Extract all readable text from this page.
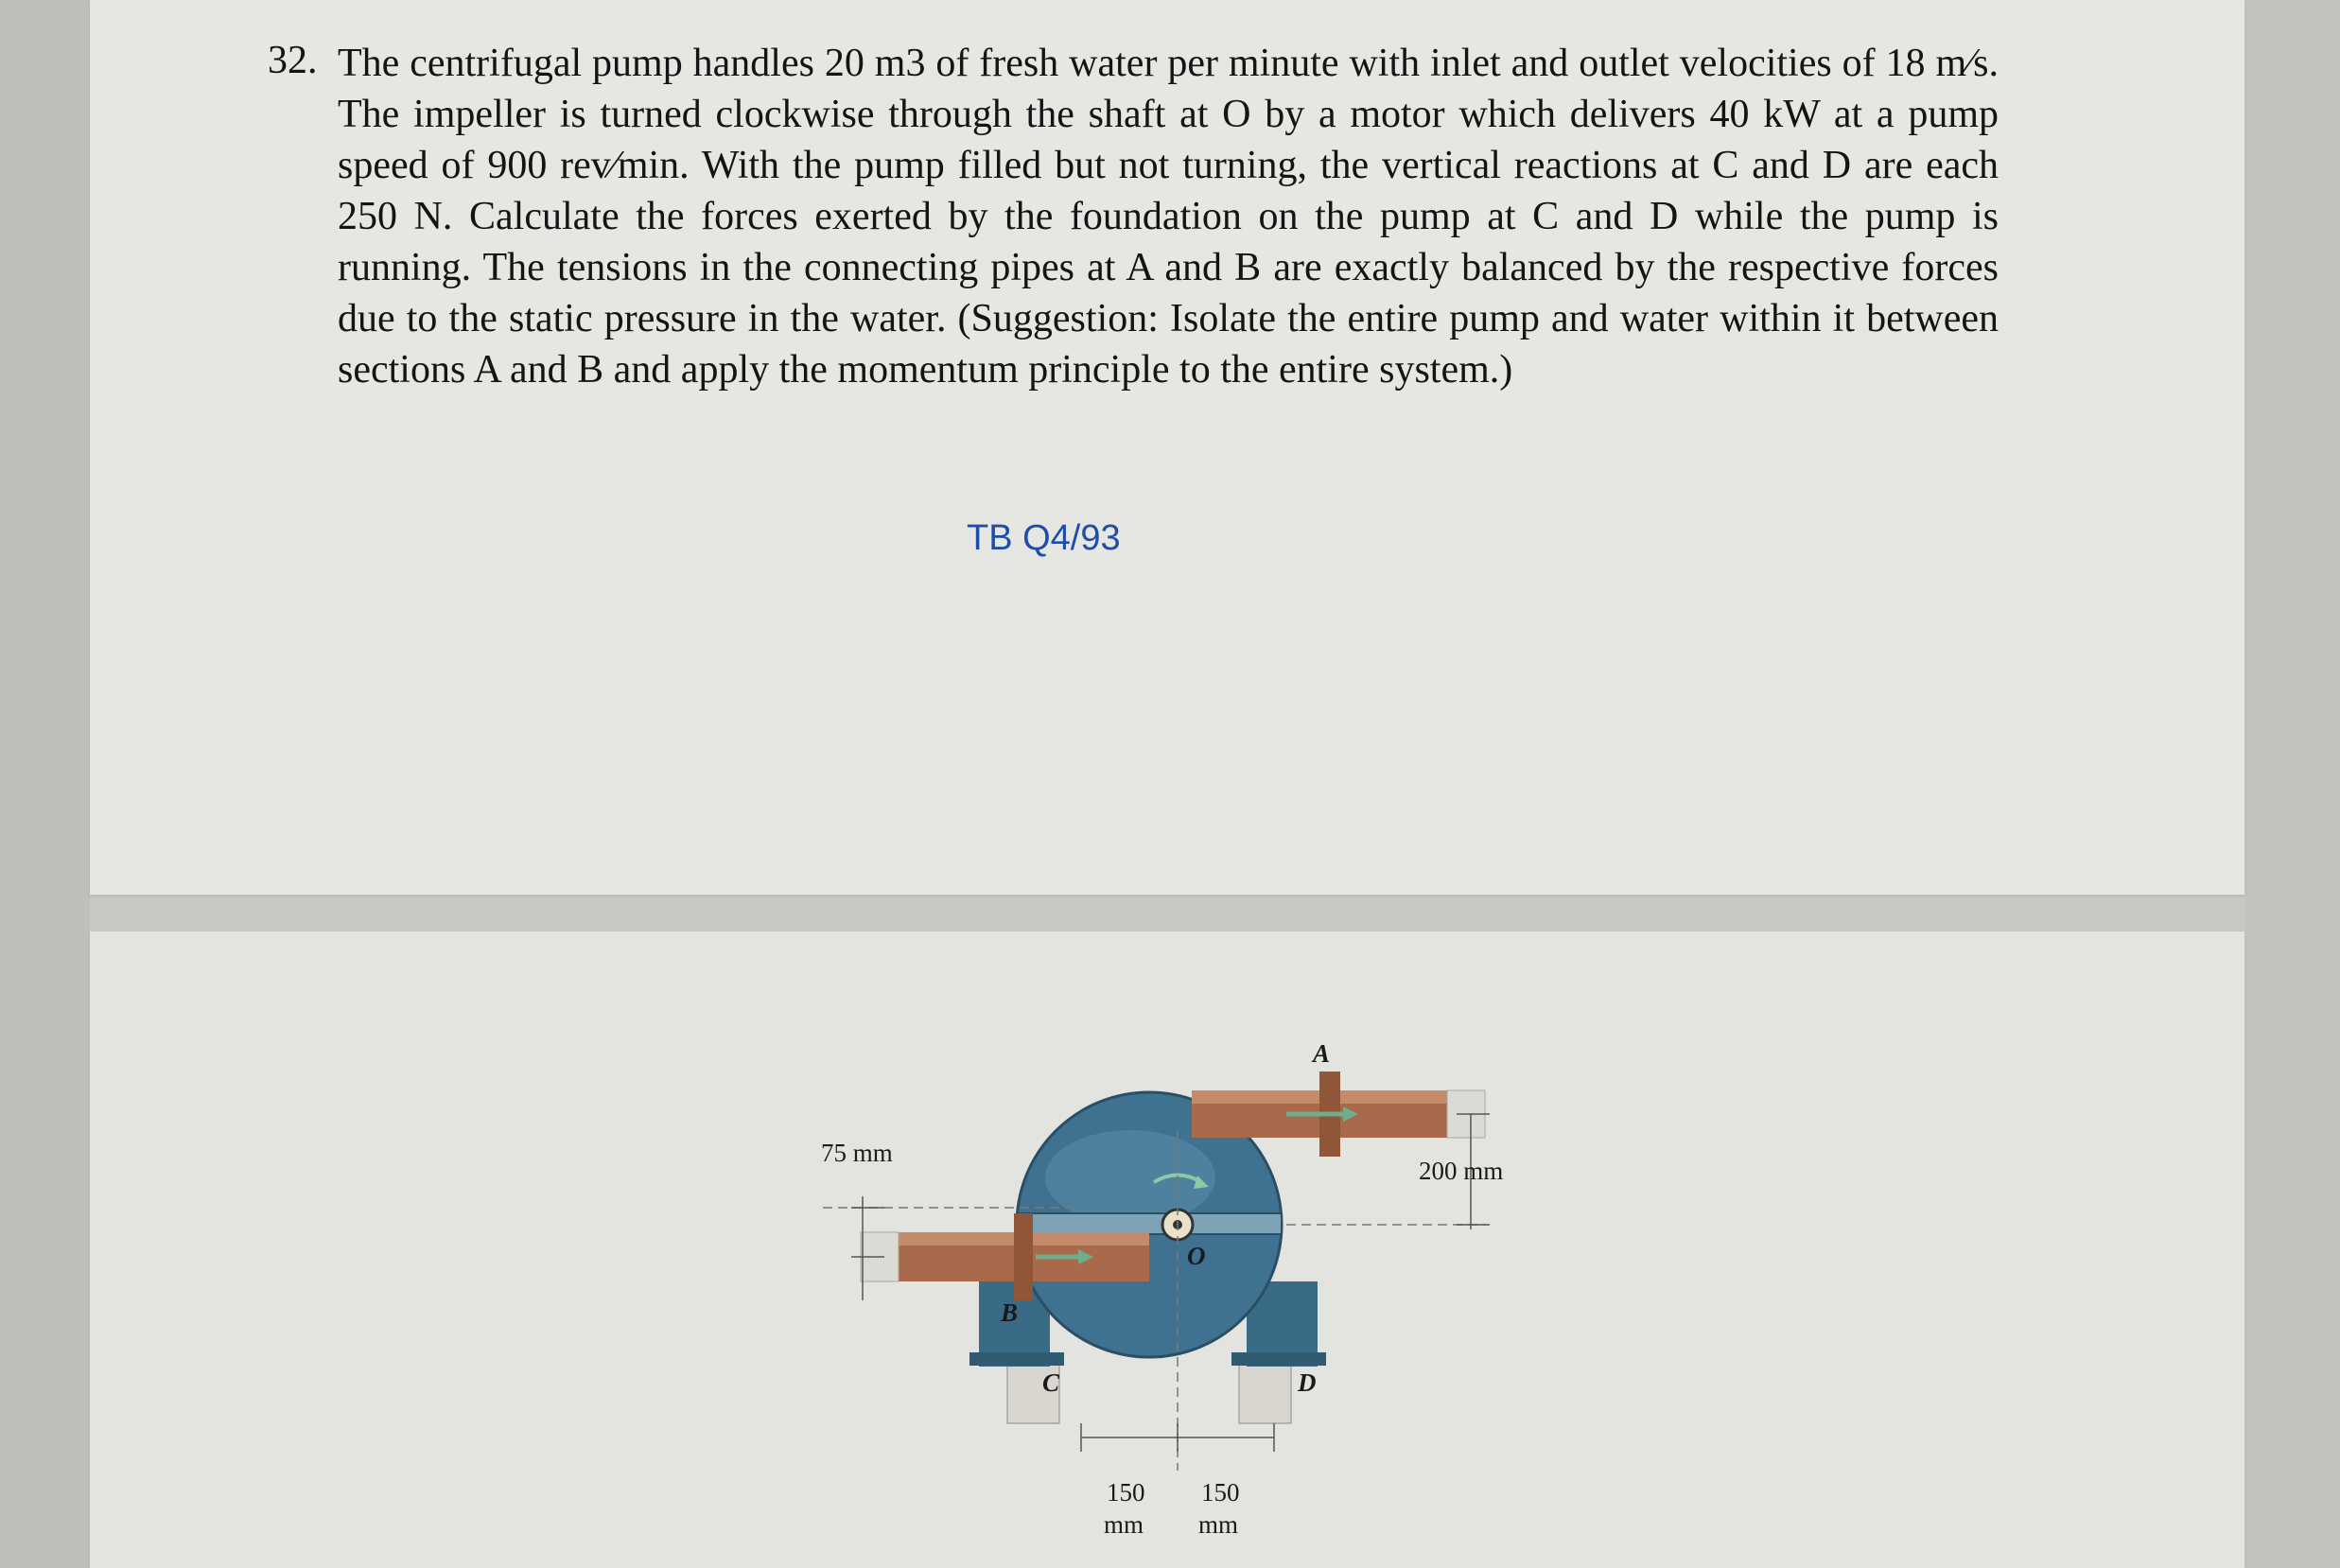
32. The centrifugal pump handles 20 m3 of fresh water per minute with inlet and outlet velocities of 18 m⁄s. The impeller is turned clockwise through the shaft at O by a motor which delivers 40 kW at a pump speed of 900 rev⁄min. With the pump filled but not turning, the vertical reactions at C and D are each 250 N. Calculate the forces exerted by the foundation on the pump at C and D while the pump is running. The tensions in the connecting pipes at A and B are exactly balanced by the respective forces due to the static pressure in the water. (Suggestion: Isolate the entire pump and water within it between sections A and B and apply the momentum principle to the entire system.)
TB Q4/93
75 mm
200 mm
150
mm
150
mm
A
B
C	D
O
